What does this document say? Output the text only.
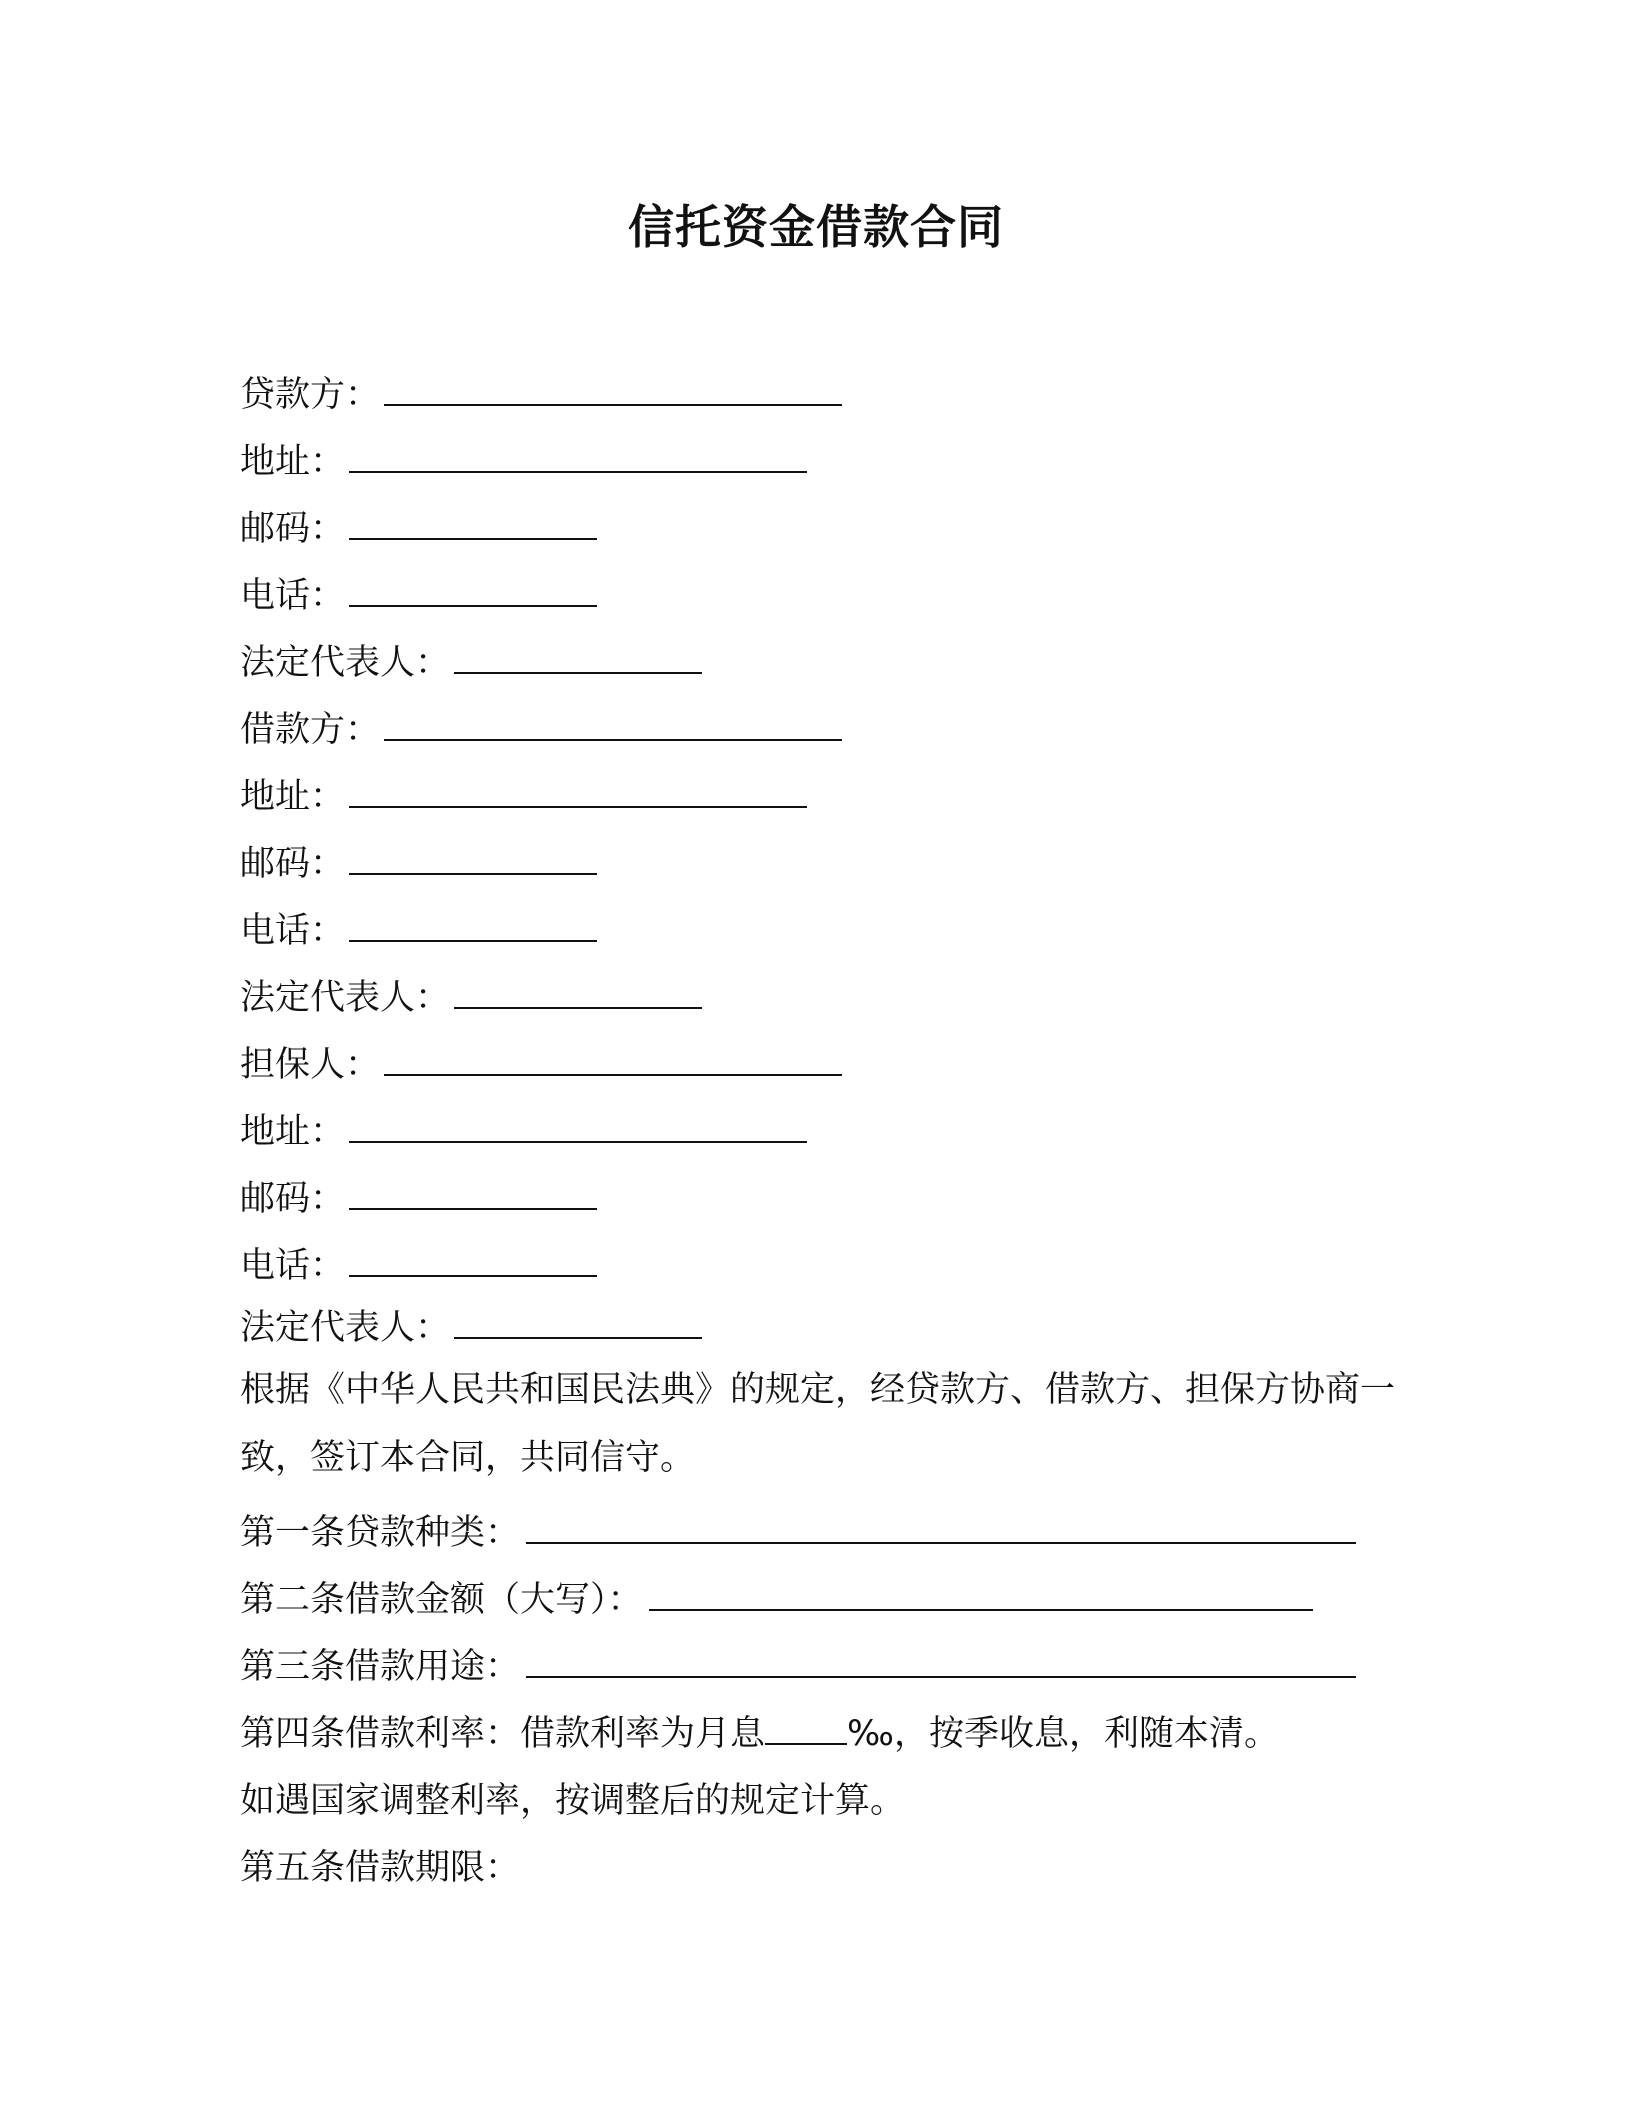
信托资金借款合同
贷款方：
地址：
邮码：
电话：
法定代表人：
借款方：
地址：
邮码：
电话：
法定代表人：
担保人：
地址：
邮码：
电话：
法定代表人：
根据《中华人民共和国民法典》的规定，经贷款方、借款方、担保方协商一致，签订本合同，共同信守。
第一条贷款种类：
第二条借款金额（大写）：
第三条借款用途：
第四条借款利率：借款利率为月息 ‰，按季收息，利随本清。
如遇国家调整利率，按调整后的规定计算。
第五条借款期限：
